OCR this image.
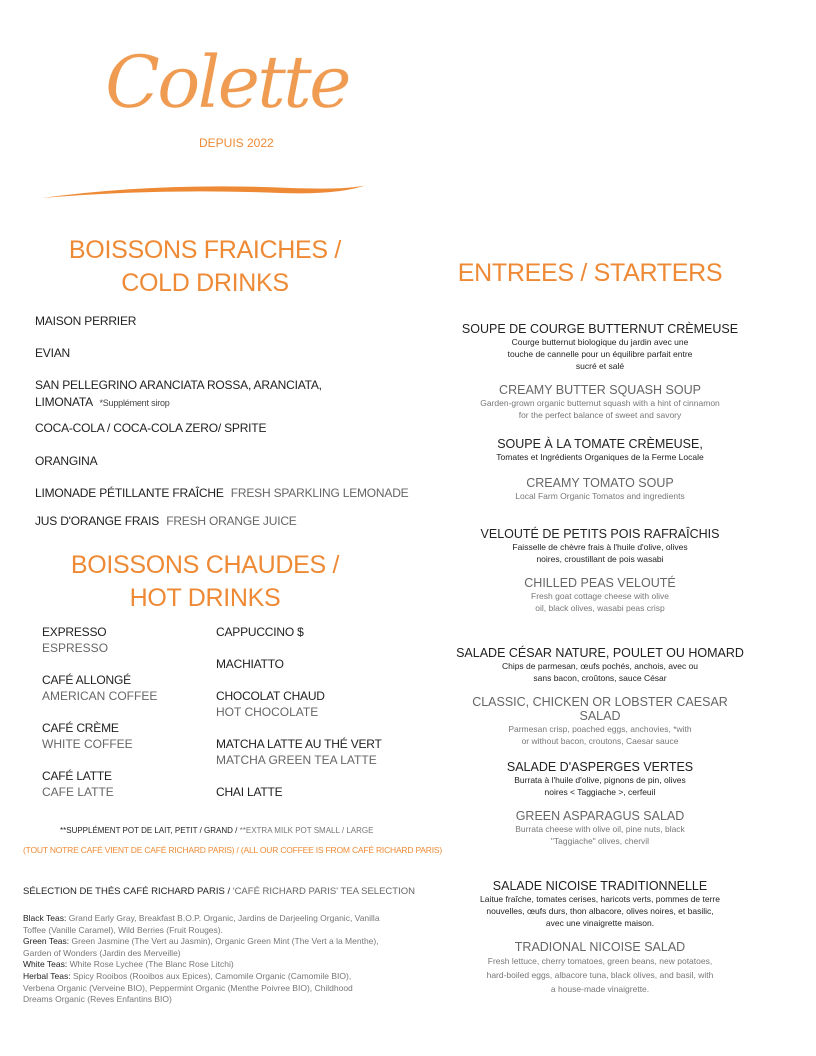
Colette
DEPUIS 2022
BOISSONS FRAICHES /
COLD DRINKS
MAISON PERRIER
EVIAN
SAN PELLEGRINO ARANCIATA ROSSA, ARANCIATA,
LIMONATA *Supplément sirop
COCA-COLA / COCA-COLA ZERO/ SPRITE
ORANGINA
LIMONADE PÉTILLANTE FRAÎCHE FRESH SPARKLING LEMONADE
JUS D'ORANGE FRAIS FRESH ORANGE JUICE
BOISSONS CHAUDES /
HOT DRINKS
EXPRESSO
ESPRESSO
CAFÉ ALLONGÉ
AMERICAN COFFEE
CAFÉ CRÈME
WHITE COFFEE
CAFÉ LATTE
CAFE LATTE
CAPPUCCINO $
MACHIATTO
CHOCOLAT CHAUD
HOT CHOCOLATE
MATCHA LATTE AU THÉ VERT
MATCHA GREEN TEA LATTE
CHAI LATTE
**SUPPLÉMENT POT DE LAIT, PETIT / GRAND / **EXTRA MILK POT SMALL / LARGE
(TOUT NOTRE CAFÉ VIENT DE CAFÉ RICHARD PARIS) / (ALL OUR COFFEE IS FROM CAFÉ RICHARD PARIS)
SÉLECTION DE THÉS CAFÉ RICHARD PARIS / 'CAFÉ RICHARD PARIS' TEA SELECTION
Black Teas: Grand Early Gray, Breakfast B.O.P. Organic, Jardins de Darjeeling Organic, Vanilla Toffee (Vanille Caramel), Wild Berries (Fruit Rouges).
Green Teas: Green Jasmine (The Vert au Jasmin), Organic Green Mint (The Vert a la Menthe), Garden of Wonders (Jardin des Merveille)
White Teas: White Rose Lychee (The Blanc Rose Litchi)
Herbal Teas: Spicy Rooibos (Rooibos aux Epices), Camomile Organic (Camomile BIO), Verbena Organic (Verveine BIO), Peppermint Organic (Menthe Poivree BIO), Childhood Dreams Organic (Reves Enfantins BIO)
ENTREES / STARTERS
SOUPE DE COURGE BUTTERNUT CRÈMEUSE
Courge butternut biologique du jardin avec une touche de cannelle pour un équilibre parfait entre sucré et salé
CREAMY BUTTER SQUASH SOUP
Garden-grown organic butternut squash with a hint of cinnamon for the perfect balance of sweet and savory
SOUPE À LA TOMATE CRÈMEUSE,
Tomates et Ingrédients Organiques de la Ferme Locale
CREAMY TOMATO SOUP
Local Farm Organic Tomatos and ingredients
VELOUTÉ DE PETITS POIS RAFRAÎCHIS
Faisselle de chèvre frais à l'huile d'olive, olives noires, croustillant de pois wasabi
CHILLED PEAS VELOUTÉ
Fresh goat cottage cheese with olive oil, black olives, wasabi peas crisp
SALADE CÉSAR NATURE, POULET OU HOMARD
Chips de parmesan, œufs pochés, anchois, avec ou sans bacon, croûtons, sauce César
CLASSIC, CHICKEN OR LOBSTER CAESAR SALAD
Parmesan crisp, poached eggs, anchovies, *with or without bacon, croutons, Caesar sauce
SALADE D'ASPERGES VERTES
Burrata à l'huile d'olive, pignons de pin, olives noires < Taggiache >, cerfeuil
GREEN ASPARAGUS SALAD
Burrata cheese with olive oil, pine nuts, black "Taggiache" olives, chervil
SALADE NICOISE TRADITIONNELLE
Laitue fraîche, tomates cerises, haricots verts, pommes de terre nouvelles, œufs durs, thon albacore, olives noires, et basilic, avec une vinaigrette maison.
TRADIONAL NICOISE SALAD
Fresh lettuce, cherry tomatoes, green beans, new potatoes, hard-boiled eggs, albacore tuna, black olives, and basil, with a house-made vinaigrette.
